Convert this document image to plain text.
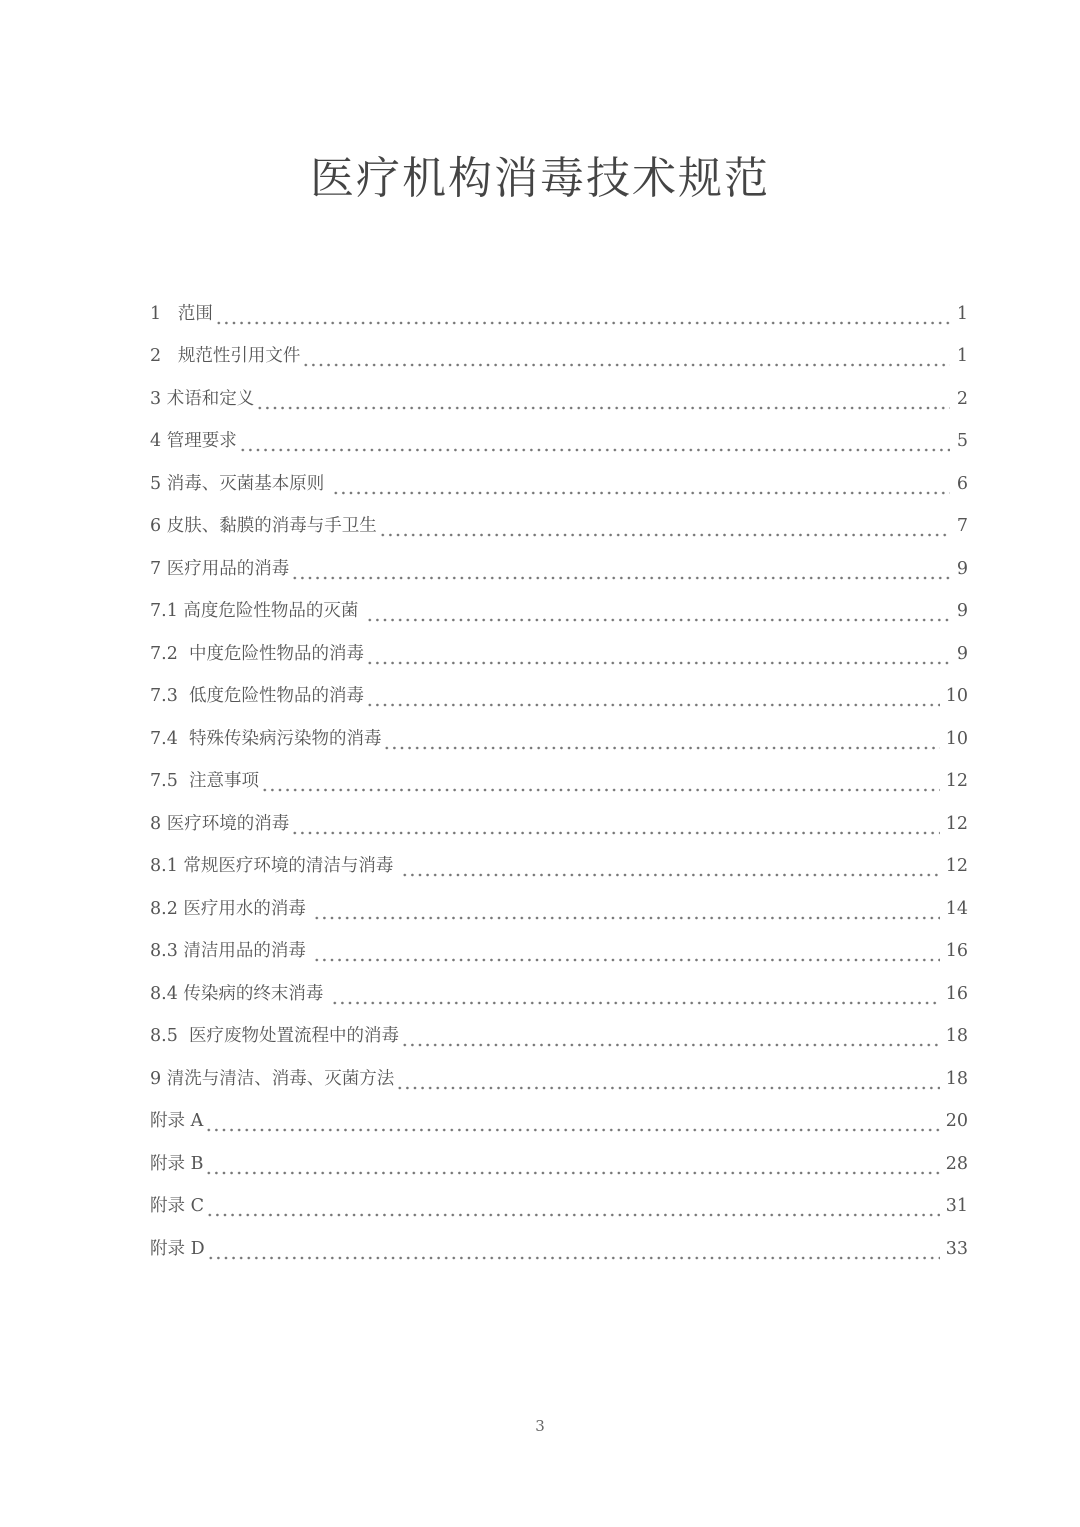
医疗机构消毒技术规范
1   范围	1
2   规范性引用文件	1
3 术语和定义	2
4 管理要求	5
5 消毒、灭菌基本原则	6
6 皮肤、黏膜的消毒与手卫生	7
7 医疗用品的消毒	9
7.1 高度危险性物品的灭菌	9
7.2  中度危险性物品的消毒	9
7.3  低度危险性物品的消毒	10
7.4  特殊传染病污染物的消毒	10
7.5  注意事项	12
8 医疗环境的消毒	12
8.1 常规医疗环境的清洁与消毒	12
8.2 医疗用水的消毒	14
8.3 清洁用品的消毒	16
8.4 传染病的终末消毒	16
8.5  医疗废物处置流程中的消毒	18
9 清洗与清洁、消毒、灭菌方法	18
附录 A	20
附录 B	28
附录 C	31
附录 D	33
3
